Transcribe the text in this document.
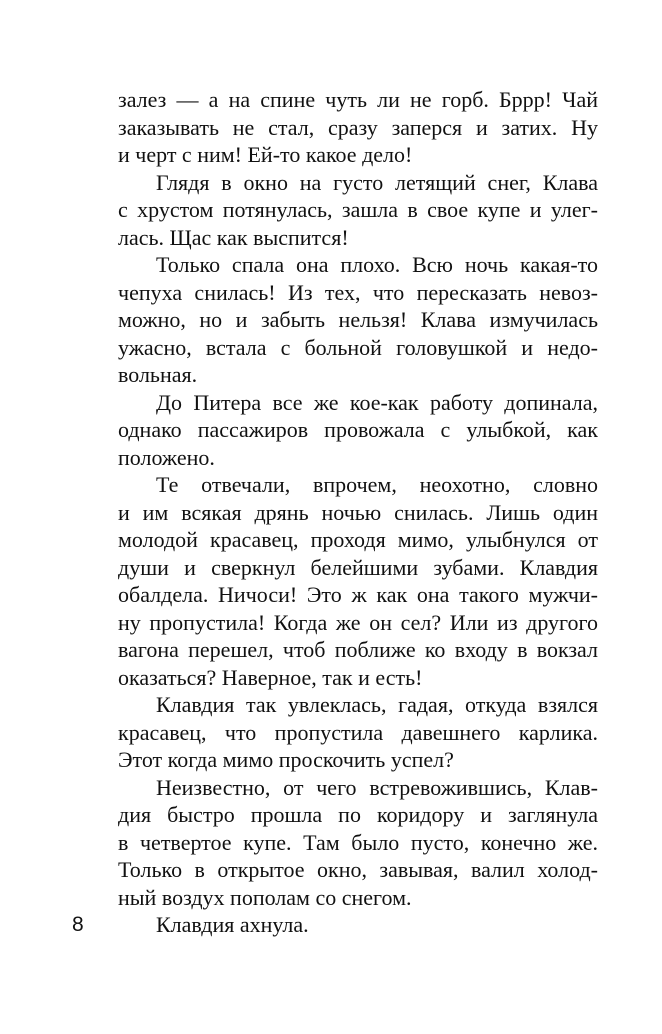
залез — а на спине чуть ли не горб. Бррр! Чай
заказывать не стал, сразу заперся и затих. Ну
и черт с ним! Ей-то какое дело!
Глядя в окно на густо летящий снег, Клава
с хрустом потянулась, зашла в свое купе и улег-
лась. Щас как выспится!
Только спала она плохо. Всю ночь какая-то
чепуха снилась! Из тех, что пересказать невоз-
можно, но и забыть нельзя! Клава измучилась
ужасно, встала с больной головушкой и недо-
вольная.
До Питера все же кое-как работу допинала,
однако пассажиров провожала с улыбкой, как
положено.
Те отвечали, впрочем, неохотно, словно
и им всякая дрянь ночью снилась. Лишь один
молодой красавец, проходя мимо, улыбнулся от
души и сверкнул белейшими зубами. Клавдия
обалдела. Ничоси! Это ж как она такого мужчи-
ну пропустила! Когда же он сел? Или из другого
вагона перешел, чтоб поближе ко входу в вокзал
оказаться? Наверное, так и есть!
Клавдия так увлеклась, гадая, откуда взялся
красавец, что пропустила давешнего карлика.
Этот когда мимо проскочить успел?
Неизвестно, от чего встревожившись, Клав-
дия быстро прошла по коридору и заглянула
в четвертое купе. Там было пусто, конечно же.
Только в открытое окно, завывая, валил холод-
ный воздух пополам со снегом.
Клавдия ахнула.
8
